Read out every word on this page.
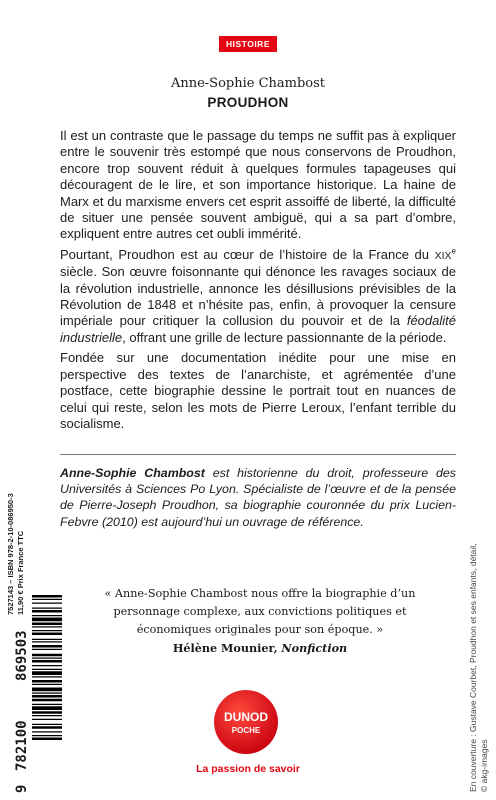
HISTOIRE

Anne-Sophie Chambost

PROUDHON

Il est un contraste que le passage du temps ne suffit pas à expliquer entre le souvenir très estompé que nous conservons de Proudhon, encore trop souvent réduit à quelques formules tapageuses qui découragent de le lire, et son importance historique. La haine de Marx et du marxisme envers cet esprit assoiffé de liberté, la difficulté de situer une pensée souvent ambiguë, qui a sa part d’ombre, expliquent entre autres cet oubli immérité.

Pourtant, Proudhon est au cœur de l’histoire de la France du XIXe siècle. Son œuvre foisonnante qui dénonce les ravages sociaux de la révolution industrielle, annonce les désillusions prévisibles de la Révolution de 1848 et n’hésite pas, enfin, à provoquer la censure impériale pour critiquer la collusion du pouvoir et de la féodalité industrielle, offrant une grille de lecture passionnante de la période.

Fondée sur une documentation inédite pour une mise en perspective des textes de l’anarchiste, et agrémentée d’une postface, cette biographie dessine le portrait tout en nuances de celui qui reste, selon les mots de Pierre Leroux, l’enfant terrible du socialisme.

Anne-Sophie Chambost est historienne du droit, professeure des Universités à Sciences Po Lyon. Spécialiste de l’œuvre et de la pensée de Pierre-Joseph Proudhon, sa biographie couronnée du prix Lucien-Febvre (2010) est aujourd’hui un ouvrage de référence.

« Anne-Sophie Chambost nous offre la biographie d’un personnage complexe, aux convictions politiques et économiques originales pour son époque. »

Hélène Mounier, Nonfiction

7527143 – ISBN 978-2-10-086950-3 11,90 € Prix France TTC
9
782100
869503
DUNOD
POCHE
La passion de savoir	En couverture : Gustave Courbet, Proudhon et ses enfants, détail, © akg-images
